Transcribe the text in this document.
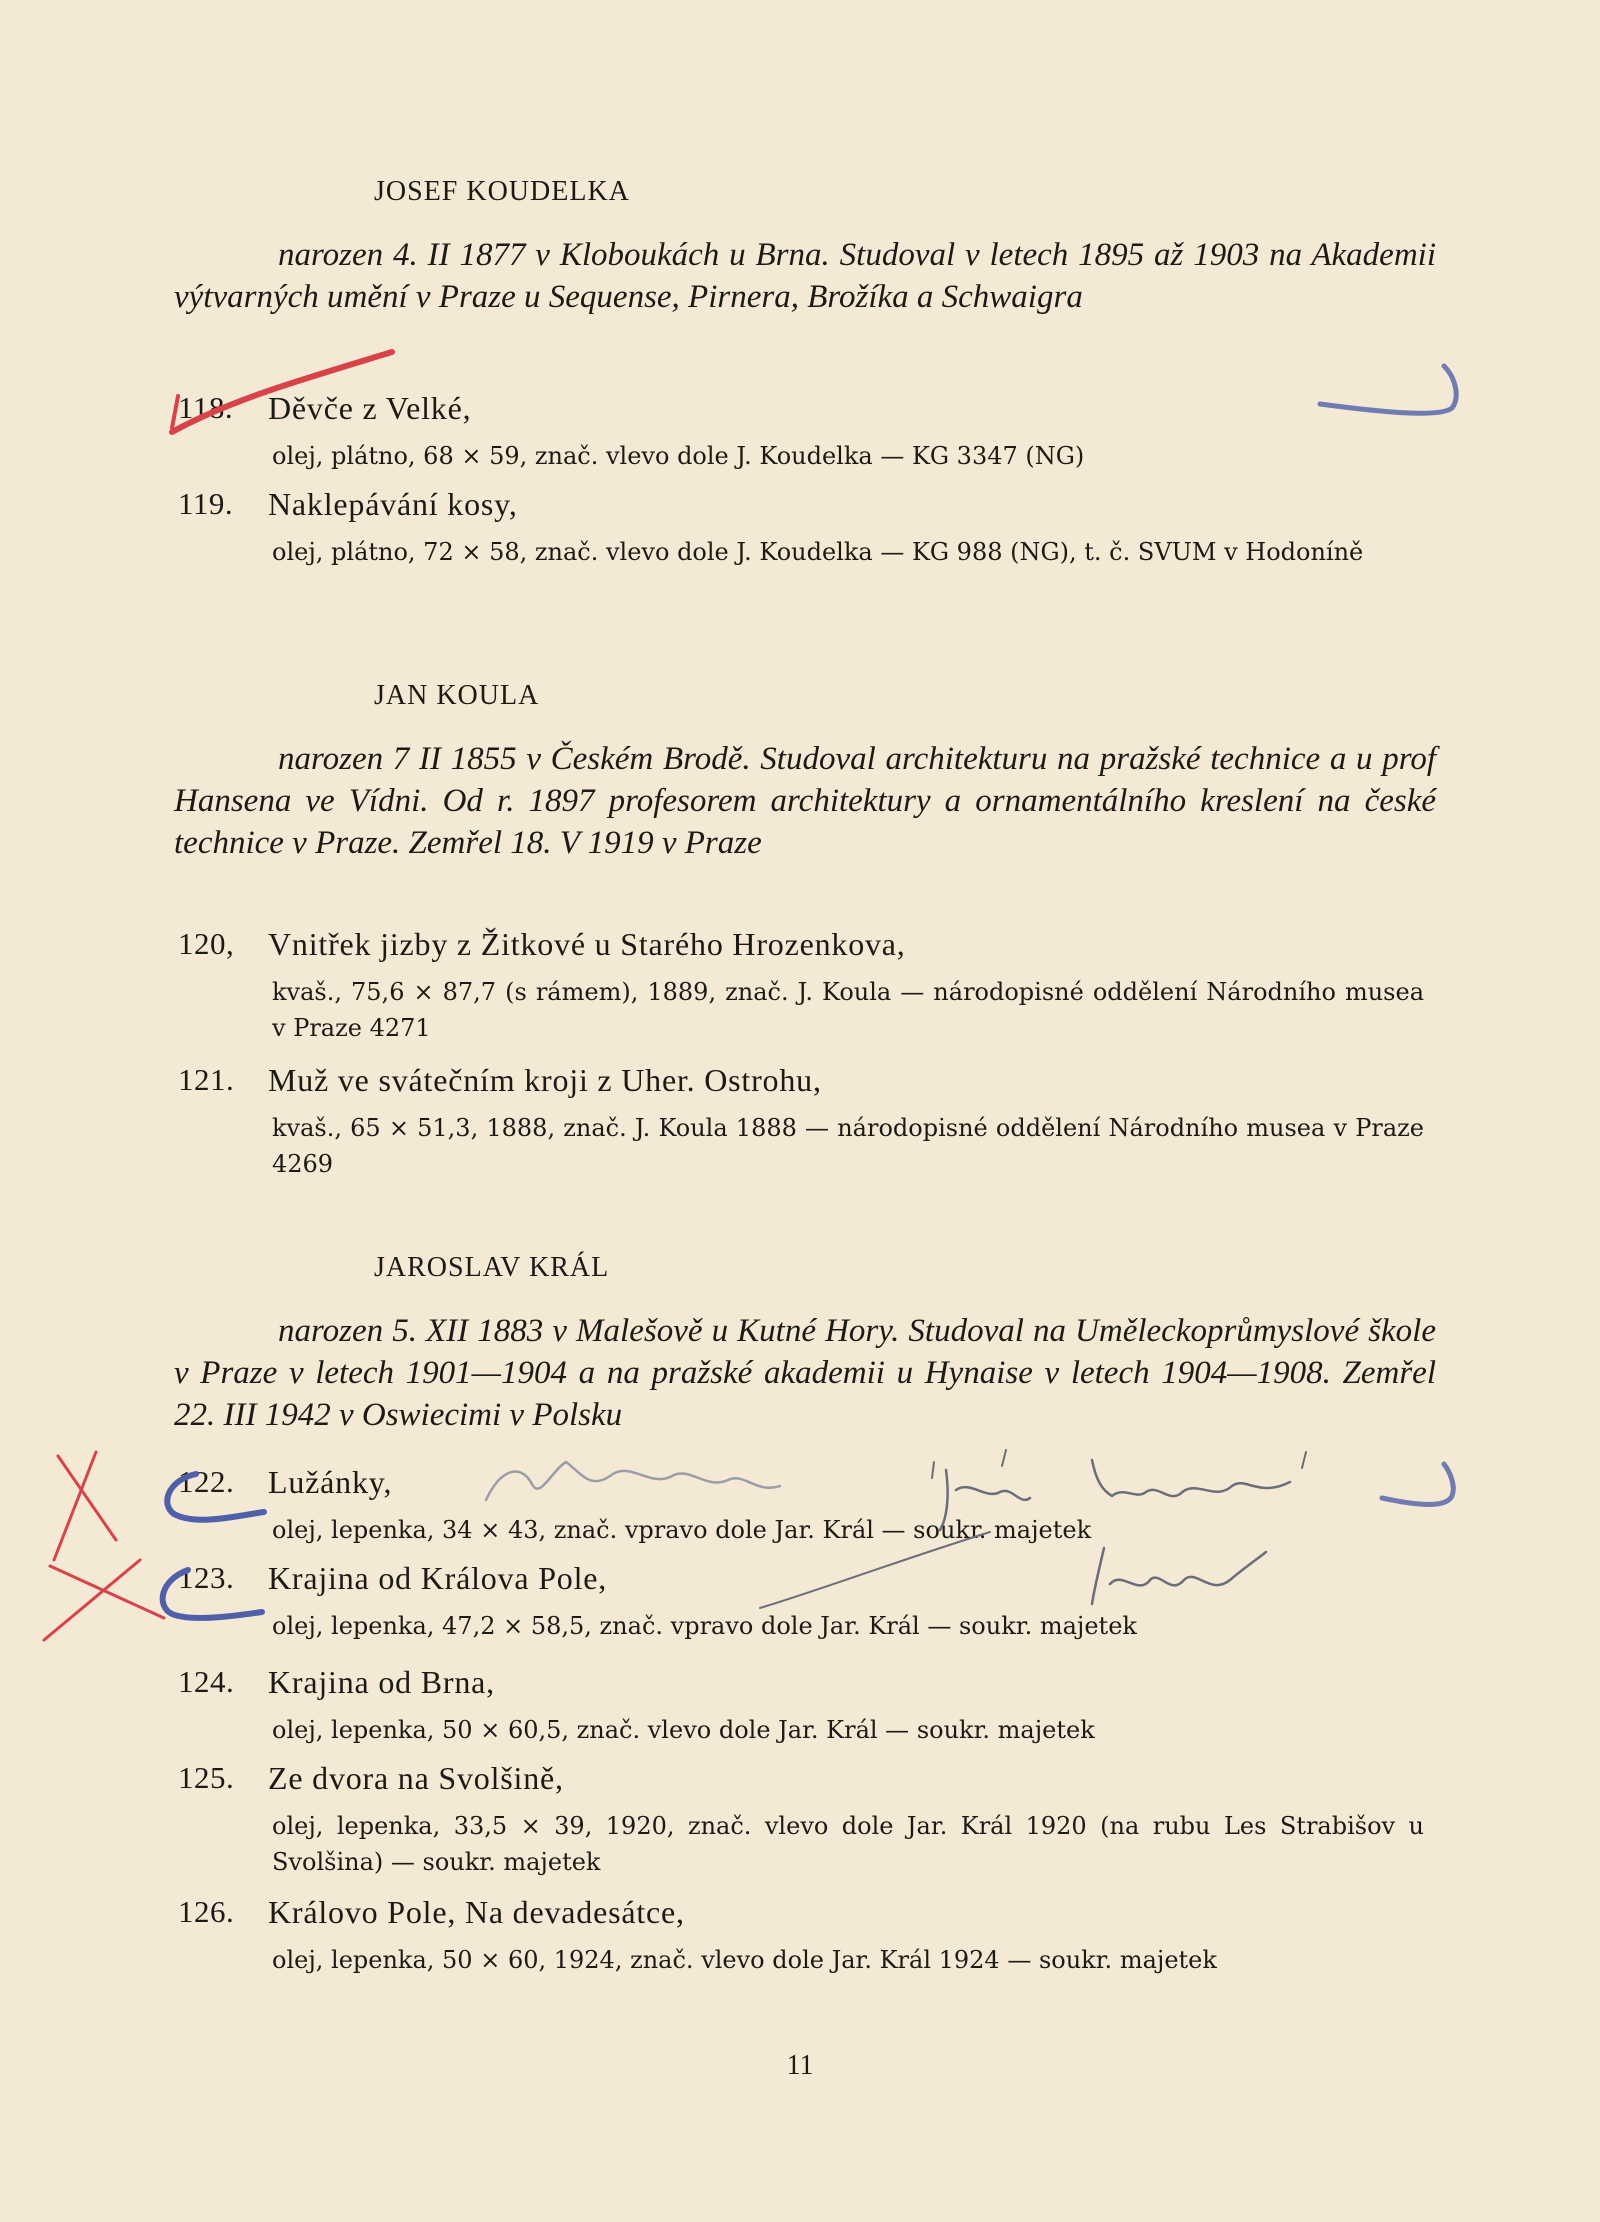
JOSEF KOUDELKA

narozen 4. II 1877 v Kloboukách u Brna. Studoval v letech 1895 až 1903 na Akademii výtvarných umění v Praze u Sequense, Pirnera, Brožíka a Schwaigra

118.	Děvče z Velké,
olej, plátno, 68 × 59, znač. vlevo dole J. Koudelka — KG 3347 (NG)
119.	Naklepávání kosy,
olej, plátno, 72 × 58, znač. vlevo dole J. Koudelka — KG 988 (NG), t. č. SVUM v Hodoníně
JAN KOULA

narozen 7 II 1855 v Českém Brodě. Studoval architekturu na pražské technice a u prof Hansena ve Vídni. Od r. 1897 profesorem architektury a ornamentálního kreslení na české technice v Praze. Zemřel 18. V 1919 v Praze

120,	Vnitřek jizby z Žitkové u Starého Hrozenkova,
kvaš., 75,6 × 87,7 (s rámem), 1889, znač. J. Koula — národopisné oddělení Národního musea v Praze 4271
121.	Muž ve svátečním kroji z Uher. Ostrohu,
kvaš., 65 × 51,3, 1888, znač. J. Koula 1888 — národopisné oddělení Národního musea v Praze 4269
JAROSLAV KRÁL

narozen 5. XII 1883 v Malešově u Kutné Hory. Studoval na Uměleckoprůmyslové škole v Praze v letech 1901—1904 a na pražské akademii u Hynaise v letech 1904—1908. Zemřel 22. III 1942 v Oswiecimi v Polsku

122.	Lužánky,
olej, lepenka, 34 × 43, znač. vpravo dole Jar. Král — soukr. majetek
123.	Krajina od Králova Pole,
olej, lepenka, 47,2 × 58,5, znač. vpravo dole Jar. Král — soukr. majetek
124.	Krajina od Brna,
olej, lepenka, 50 × 60,5, znač. vlevo dole Jar. Král — soukr. majetek
125.	Ze dvora na Svolšině,
olej, lepenka, 33,5 × 39, 1920, znač. vlevo dole Jar. Král 1920 (na rubu Les Strabišov u Svolšina) — soukr. majetek
126.	Královo Pole, Na devadesátce,
olej, lepenka, 50 × 60, 1924, znač. vlevo dole Jar. Král 1924 — soukr. majetek
11
